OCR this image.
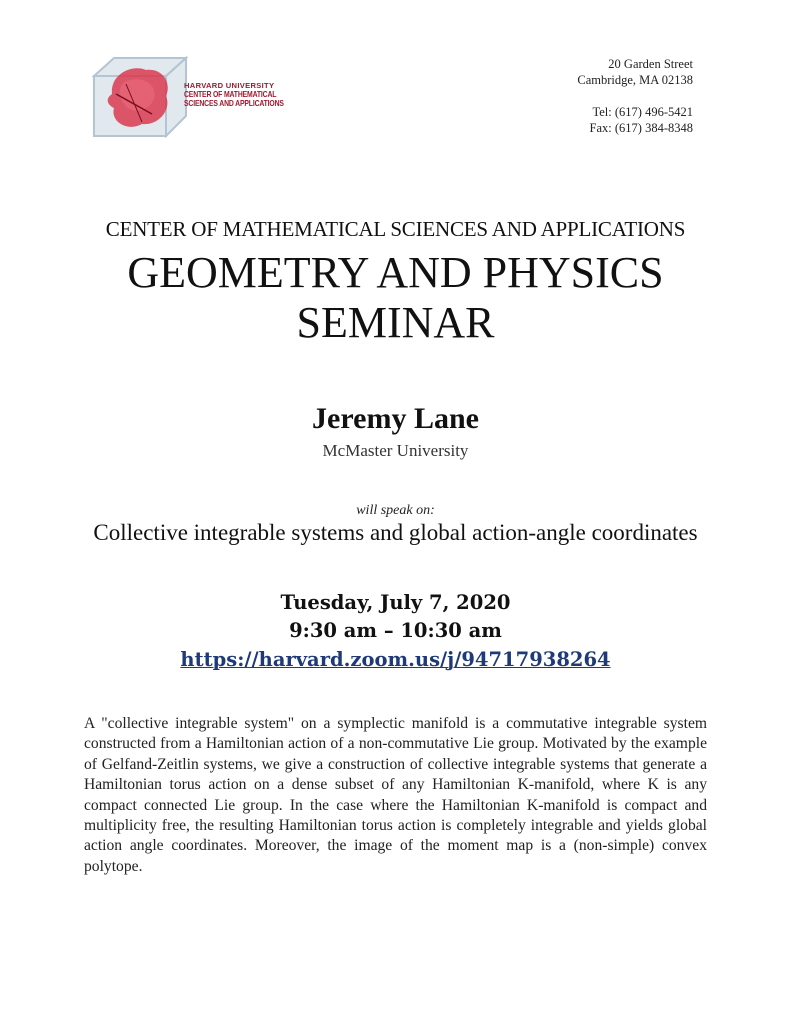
HARVARD UNIVERSITY
CENTER OF MATHEMATICAL
SCIENCES AND APPLICATIONS
20 Garden Street
Cambridge, MA 02138
Tel: (617) 496-5421
Fax: (617) 384-8348
CENTER OF MATHEMATICAL SCIENCES AND APPLICATIONS
GEOMETRY AND PHYSICS
SEMINAR
Jeremy Lane
McMaster University
will speak on:
Collective integrable systems and global action-angle coordinates
Tuesday, July 7, 2020
9:30 am – 10:30 am
https://harvard.zoom.us/j/94717938264
A "collective integrable system" on a symplectic manifold is a commutative integrable system constructed from a Hamiltonian action of a non-commutative Lie group. Motivated by the example of Gelfand-Zeitlin systems, we give a construction of collective integrable systems that generate a Hamiltonian torus action on a dense subset of any Hamiltonian K-manifold, where K is any compact connected Lie group. In the case where the Hamiltonian K-manifold is compact and multiplicity free, the resulting Hamiltonian torus action is completely integrable and yields global action angle coordinates. Moreover, the image of the moment map is a (non-simple) convex polytope.
